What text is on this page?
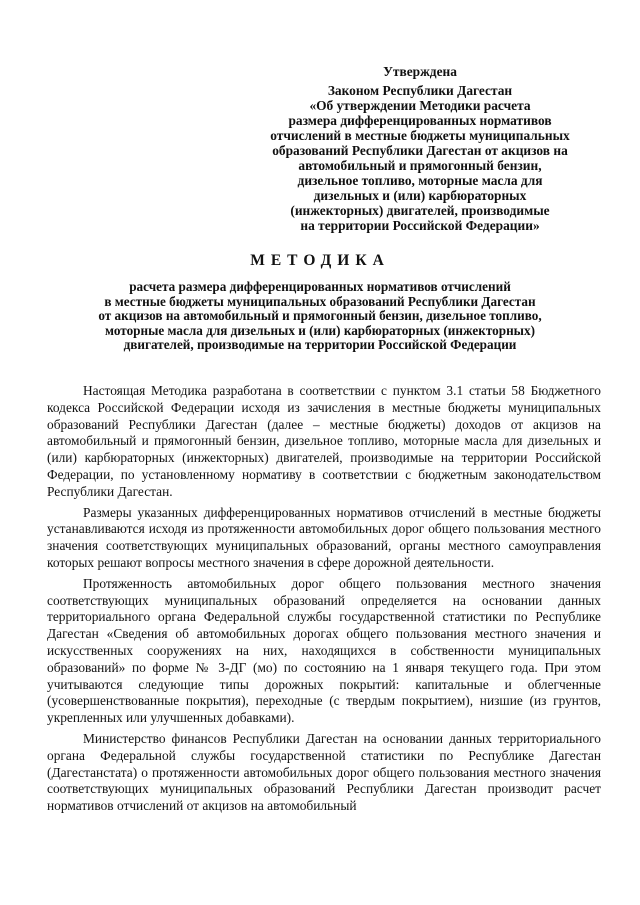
Утверждена
Законом Республики Дагестан
«Об утверждении Методики расчета
размера дифференцированных нормативов
отчислений в местные бюджеты муниципальных
образований Республики Дагестан от акцизов на
автомобильный и прямогонный бензин,
дизельное топливо, моторные масла для
дизельных и (или) карбюраторных
(инжекторных) двигателей, производимые
на территории Российской Федерации»
МЕТОДИКА
расчета размера дифференцированных нормативов отчислений
в местные бюджеты муниципальных образований Республики Дагестан
от акцизов на автомобильный и прямогонный бензин, дизельное топливо,
моторные масла для дизельных и (или) карбюраторных (инжекторных)
двигателей, производимые на территории Российской Федерации

Настоящая Методика разработана в соответствии с пунктом 3.1 статьи 58 Бюджетного кодекса Российской Федерации исходя из зачисления в местные бюджеты муниципальных образований Республики Дагестан (далее – местные бюджеты) доходов от акцизов на автомобильный и прямогонный бензин, дизельное топливо, моторные масла для дизельных и (или) карбюраторных (инжекторных) двигателей, производимые на территории Российской Федерации, по установленному нормативу в соответствии с бюджетным законодательством Республики Дагестан.

Размеры указанных дифференцированных нормативов отчислений в местные бюджеты устанавливаются исходя из протяженности автомобильных дорог общего пользования местного значения соответствующих муниципальных образований, органы местного самоуправления которых решают вопросы местного значения в сфере дорожной деятельности.

Протяженность автомобильных дорог общего пользования местного значения соответствующих муниципальных образований определяется на основании данных территориального органа Федеральной службы государственной статистики по Республике Дагестан «Сведения об автомобильных дорогах общего пользования местного значения и искусственных сооружениях на них, находящихся в собственности муниципальных образований» по форме № 3-ДГ (мо) по состоянию на 1 января текущего года. При этом учитываются следующие типы дорожных покрытий: капитальные и облегченные (усовершенствованные покрытия), переходные (с твердым покрытием), низшие (из грунтов, укрепленных или улучшенных добавками).

Министерство финансов Республики Дагестан на основании данных территориального органа Федеральной службы государственной статистики по Республике Дагестан (Дагестанстата) о протяженности автомобильных дорог общего пользования местного значения соответствующих муниципальных образований Республики Дагестан производит расчет нормативов отчислений от акцизов на автомобильный
